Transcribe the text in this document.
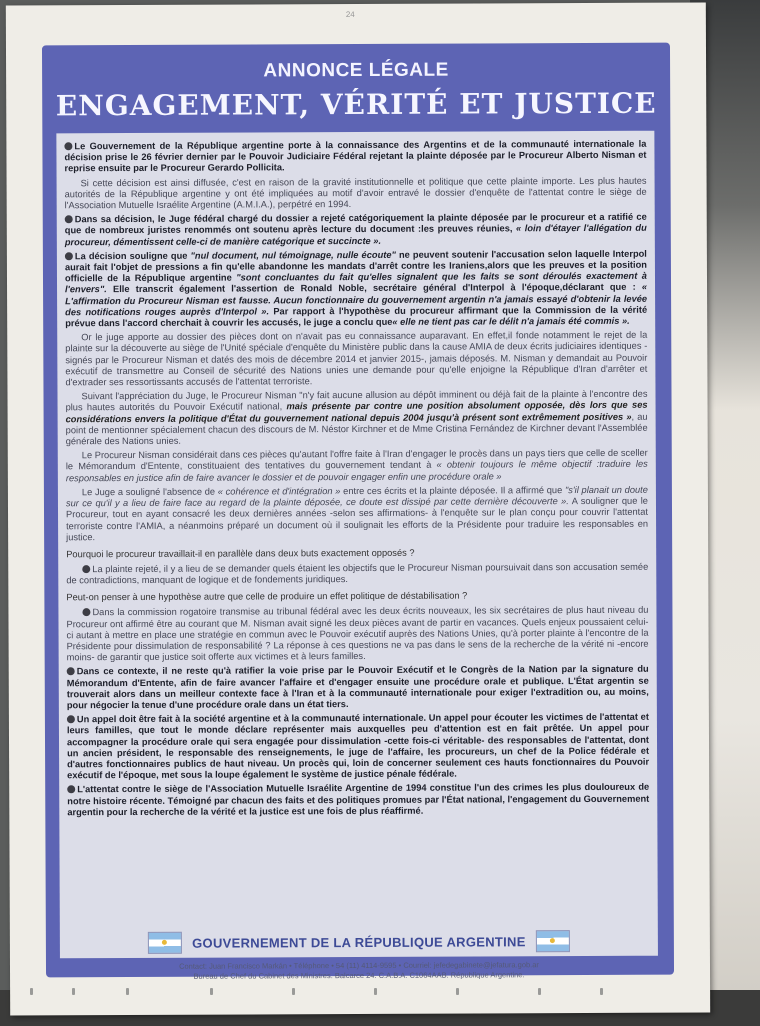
24
ANNONCE LÉGALE
ENGAGEMENT, VÉRITÉ ET JUSTICE

Le Gouvernement de la République argentine porte à la connaissance des Argentins et de la communauté internationale la décision prise le 26 février dernier par le Pouvoir Judiciaire Fédéral rejetant la plainte déposée par le Procureur Alberto Nisman et reprise ensuite par le Procureur Gerardo Pollicita.

Si cette décision est ainsi diffusée, c'est en raison de la gravité institutionnelle et politique que cette plainte importe. Les plus hautes autorités de la République argentine y ont été impliquées au motif d'avoir entravé le dossier d'enquête de l'attentat contre le siège de l'Association Mutuelle Israélite Argentine (A.M.I.A.), perpétré en 1994.

Dans sa décision, le Juge fédéral chargé du dossier a rejeté catégoriquement la plainte déposée par le procureur et a ratifié ce que de nombreux juristes renommés ont soutenu après lecture du document :les preuves réunies, « loin d'étayer l'allégation du procureur, démentissent celle-ci de manière catégorique et succincte ».

La décision souligne que "nul document, nul témoignage, nulle écoute" ne peuvent soutenir l'accusation selon laquelle Interpol aurait fait l'objet de pressions a fin qu'elle abandonne les mandats d'arrêt contre les Iraniens,alors que les preuves et la position officielle de la République argentine "sont concluantes du fait qu'elles signalent que les faits se sont déroulés exactement à l'envers". Elle transcrit également l'assertion de Ronald Noble, secrétaire général d'Interpol à l'époque,déclarant que : « L'affirmation du Procureur Nisman est fausse. Aucun fonctionnaire du gouvernement argentin n'a jamais essayé d'obtenir la levée des notifications rouges auprès d'Interpol ». Par rapport à l'hypothèse du procureur affirmant que la Commission de la vérité prévue dans l'accord cherchait à couvrir les accusés, le juge a conclu que« elle ne tient pas car le délit n'a jamais été commis ».

Or le juge apporte au dossier des pièces dont on n'avait pas eu connaissance auparavant. En effet,il fonde notamment le rejet de la plainte sur la découverte au siège de l'Unité spéciale d'enquête du Ministère public dans la cause AMIA de deux écrits judiciaires identiques -signés par le Procureur Nisman et datés des mois de décembre 2014 et janvier 2015-, jamais déposés. M. Nisman y demandait au Pouvoir exécutif de transmettre au Conseil de sécurité des Nations unies une demande pour qu'elle enjoigne la République d'Iran d'arrêter et d'extrader ses ressortissants accusés de l'attentat terroriste.

Suivant l'appréciation du Juge, le Procureur Nisman "n'y fait aucune allusion au dépôt imminent ou déjà fait de la plainte à l'encontre des plus hautes autorités du Pouvoir Exécutif national, mais présente par contre une position absolument opposée, dès lors que ses considérations envers la politique d'État du gouvernement national depuis 2004 jusqu'à présent sont extrêmement positives », au point de mentionner spécialement chacun des discours de M. Néstor Kirchner et de Mme Cristina Fernández de Kirchner devant l'Assemblée générale des Nations unies.

Le Procureur Nisman considérait dans ces pièces qu'autant l'offre faite à l'Iran d'engager le procès dans un pays tiers que celle de sceller le Mémorandum d'Entente, constituaient des tentatives du gouvernement tendant à « obtenir toujours le même objectif :traduire les responsables en justice afin de faire avancer le dossier et de pouvoir engager enfin une procédure orale »

Le Juge a souligné l'absence de « cohérence et d'intégration » entre ces écrits et la plainte déposée. Il a affirmé que "s'il planait un doute sur ce qu'il y a lieu de faire face au regard de la plainte déposée, ce doute est dissipé par cette dernière découverte ». A souligner que le Procureur, tout en ayant consacré les deux dernières années -selon ses affirmations- à l'enquête sur le plan conçu pour couvrir l'attentat terroriste contre l'AMIA, a néanmoins préparé un document où il soulignait les efforts de la Présidente pour traduire les responsables en justice.

Pourquoi le procureur travaillait-il en parallèle dans deux buts exactement opposés ?

La plainte rejeté, il y a lieu de se demander quels étaient les objectifs que le Procureur Nisman poursuivait dans son accusation semée de contradictions, manquant de logique et de fondements juridiques.

Peut-on penser à une hypothèse autre que celle de produire un effet politique de déstabilisation ?

Dans la commission rogatoire transmise au tribunal fédéral avec les deux écrits nouveaux, les six secrétaires de plus haut niveau du Procureur ont affirmé être au courant que M. Nisman avait signé les deux pièces avant de partir en vacances. Quels enjeux poussaient celui-ci autant à mettre en place une stratégie en commun avec le Pouvoir exécutif auprès des Nations Unies, qu'à porter plainte à l'encontre de la Présidente pour dissimulation de responsabilité ? La réponse à ces questions ne va pas dans le sens de la recherche de la vérité ni -encore moins- de garantir que justice soit offerte aux victimes et à leurs familles.

Dans ce contexte, il ne reste qu'à ratifier la voie prise par le Pouvoir Exécutif et le Congrès de la Nation par la signature du Mémorandum d'Entente, afin de faire avancer l'affaire et d'engager ensuite une procédure orale et publique. L'État argentin se trouverait alors dans un meilleur contexte face à l'Iran et à la communauté internationale pour exiger l'extradition ou, au moins, pour négocier la tenue d'une procédure orale dans un état tiers.

Un appel doit être fait à la société argentine et à la communauté internationale. Un appel pour écouter les victimes de l'attentat et leurs familles, que tout le monde déclare représenter mais auxquelles peu d'attention est en fait prêtée. Un appel pour accompagner la procédure orale qui sera engagée pour dissimulation -cette fois-ci véritable- des responsables de l'attentat, dont un ancien président, le responsable des renseignements, le juge de l'affaire, les procureurs, un chef de la Police fédérale et d'autres fonctionnaires publics de haut niveau. Un procès qui, loin de concerner seulement ces hauts fonctionnaires du Pouvoir exécutif de l'époque, met sous la loupe également le système de justice pénale fédérale.

L'attentat contre le siège de l'Association Mutuelle Israélite Argentine de 1994 constitue l'un des crimes les plus douloureux de notre histoire récente. Témoigné par chacun des faits et des politiques promues par l'État national, l'engagement du Gouvernement argentin pour la recherche de la vérité et la justice est une fois de plus réaffirmé.

GOUVERNEMENT DE LA RÉPUBLIQUE ARGENTINE
Contact: Juan Francisco Markán • Téléphone • 54 (11) 4114-9595 • Courriel: jefedegabinete@jefatura.gob.ar
Bureau de Chef du Cabinet des Ministres. Balcarce 24. C.A.B.A. C1064AAB. République Argentine.
